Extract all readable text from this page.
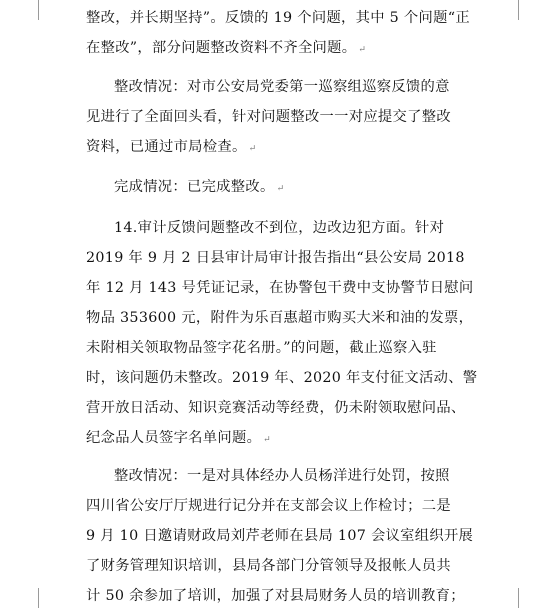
整改，并长期坚持”。反馈的 19 个问题，其中 5 个问题“正
在整改”，部分问题整改资料不齐全问题。 ↵

整改情况：对市公安局党委第一巡察组巡察反馈的意
见进行了全面回头看，针对问题整改一一对应提交了整改
资料，已通过市局检查。 ↵

完成情况：已完成整改。 ↵

14.审计反馈问题整改不到位，边改边犯方面。针对
2019 年 9 月 2 日县审计局审计报告指出“县公安局 2018
年 12 月 143 号凭证记录，在协警包干费中支协警节日慰问
物品 353600 元，附件为乐百惠超市购买大米和油的发票，
未附相关领取物品签字花名册。”的问题，截止巡察入驻
时，该问题仍未整改。2019 年、2020 年支付征文活动、警
营开放日活动、知识竞赛活动等经费，仍未附领取慰问品、
纪念品人员签字名单问题。 ↵

整改情况：一是对具体经办人员杨洋进行处罚，按照
四川省公安厅厅规进行记分并在支部会议上作检讨；二是
9 月 10 日邀请财政局刘芹老师在县局 107 会议室组织开展
了财务管理知识培训，县局各部门分管领导及报帐人员共
计 50 余参加了培训，加强了对县局财务人员的培训教育；
